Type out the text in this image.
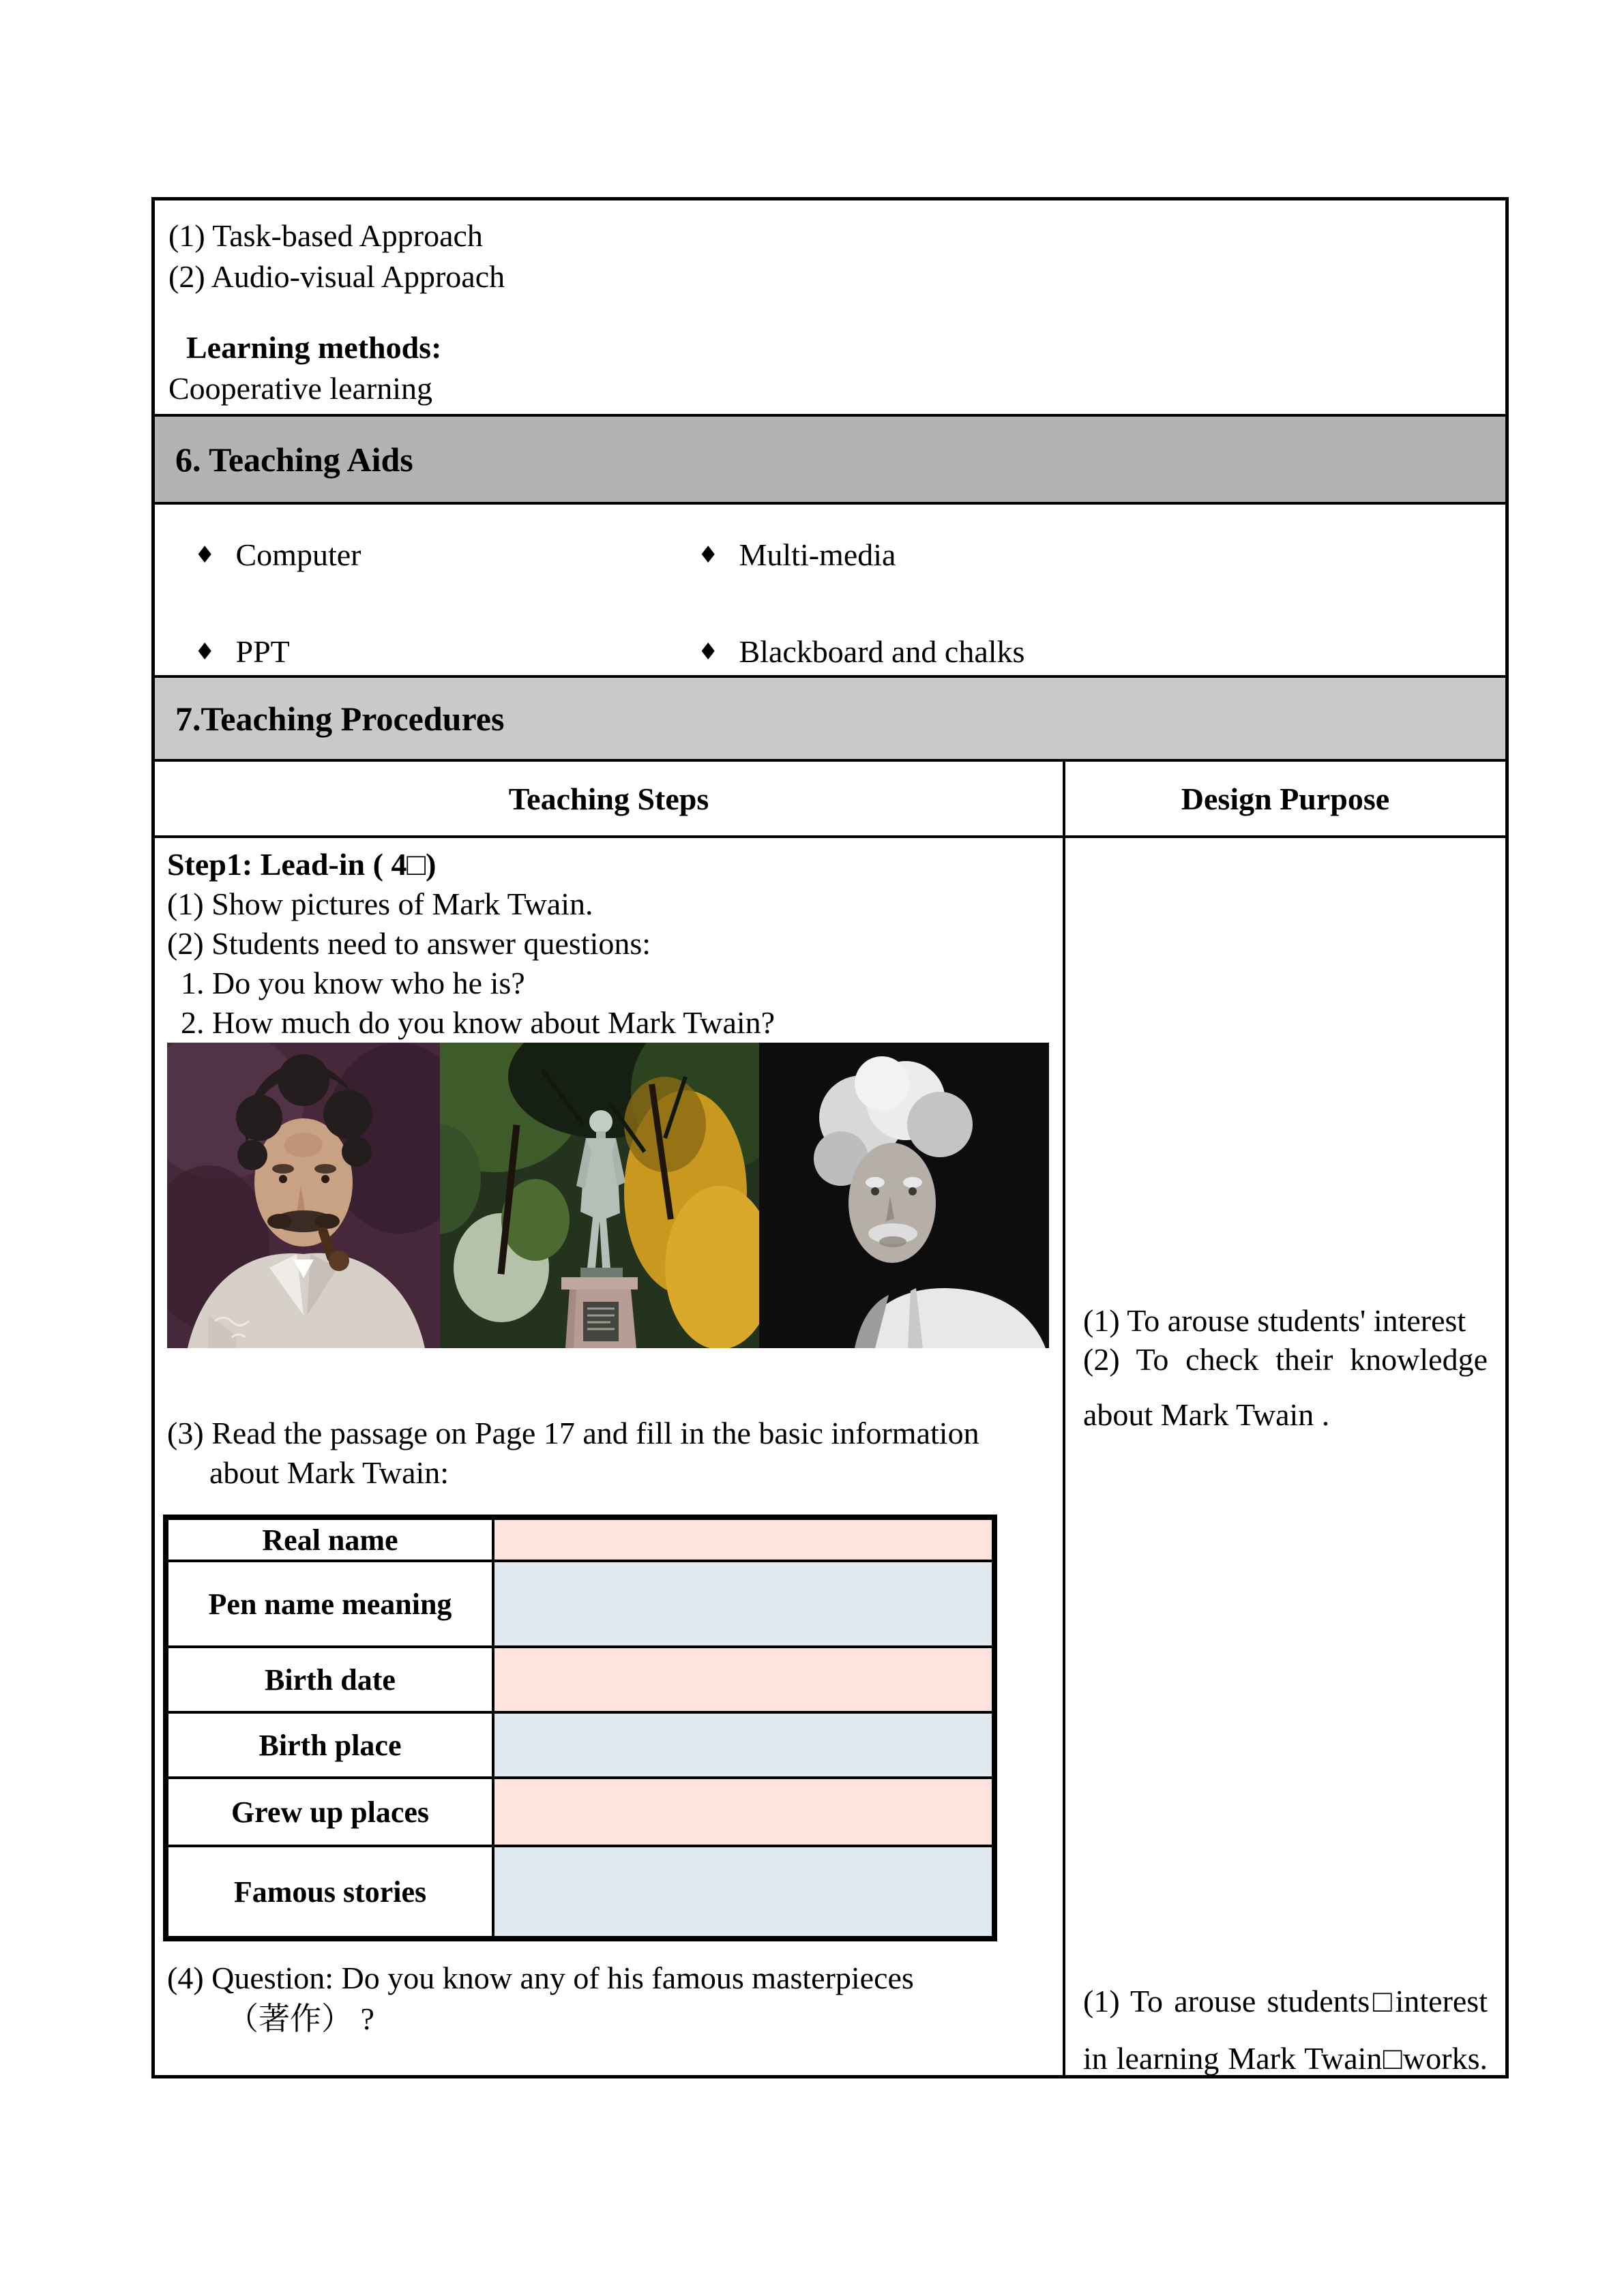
(1) Task-based Approach
(2) Audio-visual Approach
Learning methods:
Cooperative learning
6. Teaching Aids
♦ Computer	♦ Multi-media
♦ PPT	♦ Blackboard and chalks
7.Teaching Procedures
Teaching Steps	Design Purpose
Step1: Lead-in ( 4□)
(1) Show pictures of Mark Twain.
(2) Students need to answer questions:
1. Do you know who he is?
2. How much do you know about Mark Twain?
(3) Read the passage on Page 17 and fill in the basic information
about Mark Twain:
Real name
Pen name meaning
Birth date
Birth place
Grew up places
Famous stories
(4) Question: Do you know any of his famous masterpieces
（著作） ?
(1) To arouse students' interest
(2) To check their knowledge
about Mark Twain .
(1) To arouse students□interest
in learning Mark Twain□works.
